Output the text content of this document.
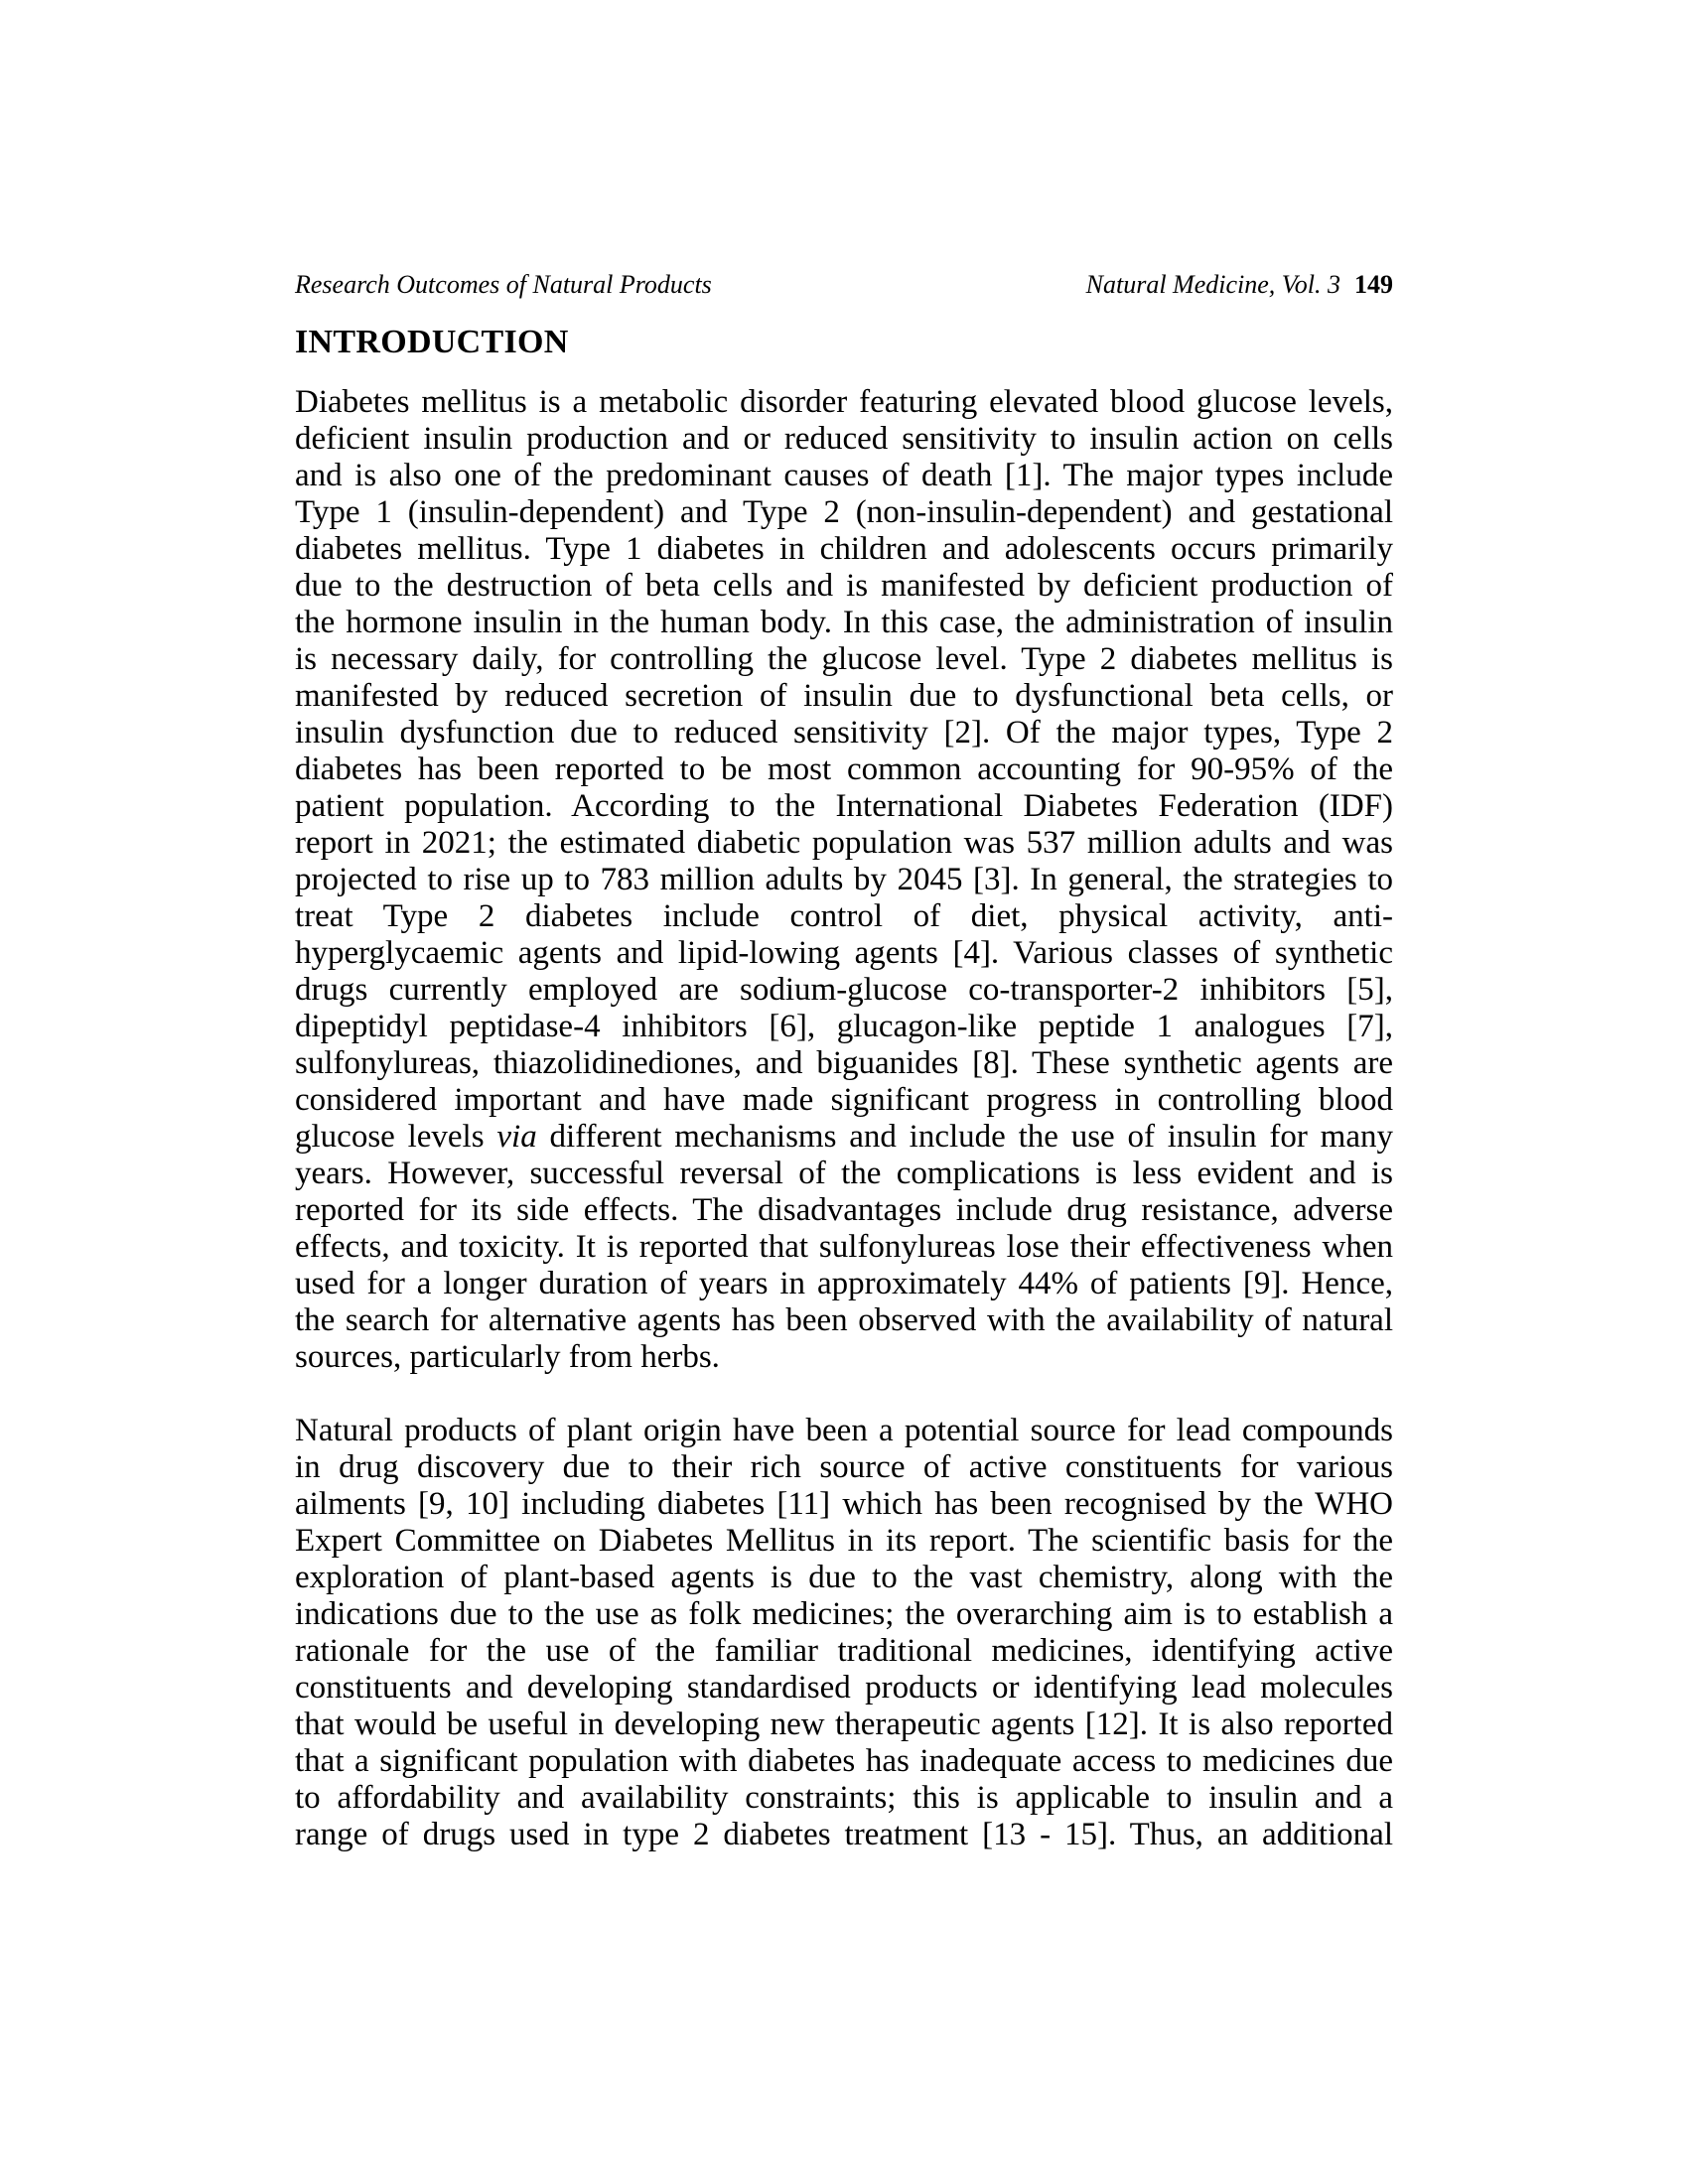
Research Outcomes of Natural Products	Natural Medicine, Vol. 3 149
INTRODUCTION
Diabetes mellitus is a metabolic disorder featuring elevated blood glucose levels,
deficient insulin production and or reduced sensitivity to insulin action on cells
and is also one of the predominant causes of death [1]. The major types include
Type 1 (insulin-dependent) and Type 2 (non-insulin-dependent) and gestational
diabetes mellitus. Type 1 diabetes in children and adolescents occurs primarily
due to the destruction of beta cells and is manifested by deficient production of
the hormone insulin in the human body. In this case, the administration of insulin
is necessary daily, for controlling the glucose level. Type 2 diabetes mellitus is
manifested by reduced secretion of insulin due to dysfunctional beta cells, or
insulin dysfunction due to reduced sensitivity [2]. Of the major types, Type 2
diabetes has been reported to be most common accounting for 90-95% of the
patient population. According to the International Diabetes Federation (IDF)
report in 2021; the estimated diabetic population was 537 million adults and was
projected to rise up to 783 million adults by 2045 [3]. In general, the strategies to
treat Type 2 diabetes include control of diet, physical activity, anti-
hyperglycaemic agents and lipid-lowing agents [4]. Various classes of synthetic
drugs currently employed are sodium-glucose co-transporter-2 inhibitors [5],
dipeptidyl peptidase-4 inhibitors [6], glucagon-like peptide 1 analogues [7],
sulfonylureas, thiazolidinediones, and biguanides [8]. These synthetic agents are
considered important and have made significant progress in controlling blood
glucose levels via different mechanisms and include the use of insulin for many
years. However, successful reversal of the complications is less evident and is
reported for its side effects. The disadvantages include drug resistance, adverse
effects, and toxicity. It is reported that sulfonylureas lose their effectiveness when
used for a longer duration of years in approximately 44% of patients [9]. Hence,
the search for alternative agents has been observed with the availability of natural
sources, particularly from herbs.
Natural products of plant origin have been a potential source for lead compounds
in drug discovery due to their rich source of active constituents for various
ailments [9, 10] including diabetes [11] which has been recognised by the WHO
Expert Committee on Diabetes Mellitus in its report. The scientific basis for the
exploration of plant-based agents is due to the vast chemistry, along with the
indications due to the use as folk medicines; the overarching aim is to establish a
rationale for the use of the familiar traditional medicines, identifying active
constituents and developing standardised products or identifying lead molecules
that would be useful in developing new therapeutic agents [12]. It is also reported
that a significant population with diabetes has inadequate access to medicines due
to affordability and availability constraints; this is applicable to insulin and a
range of drugs used in type 2 diabetes treatment [13 - 15]. Thus, an additional
